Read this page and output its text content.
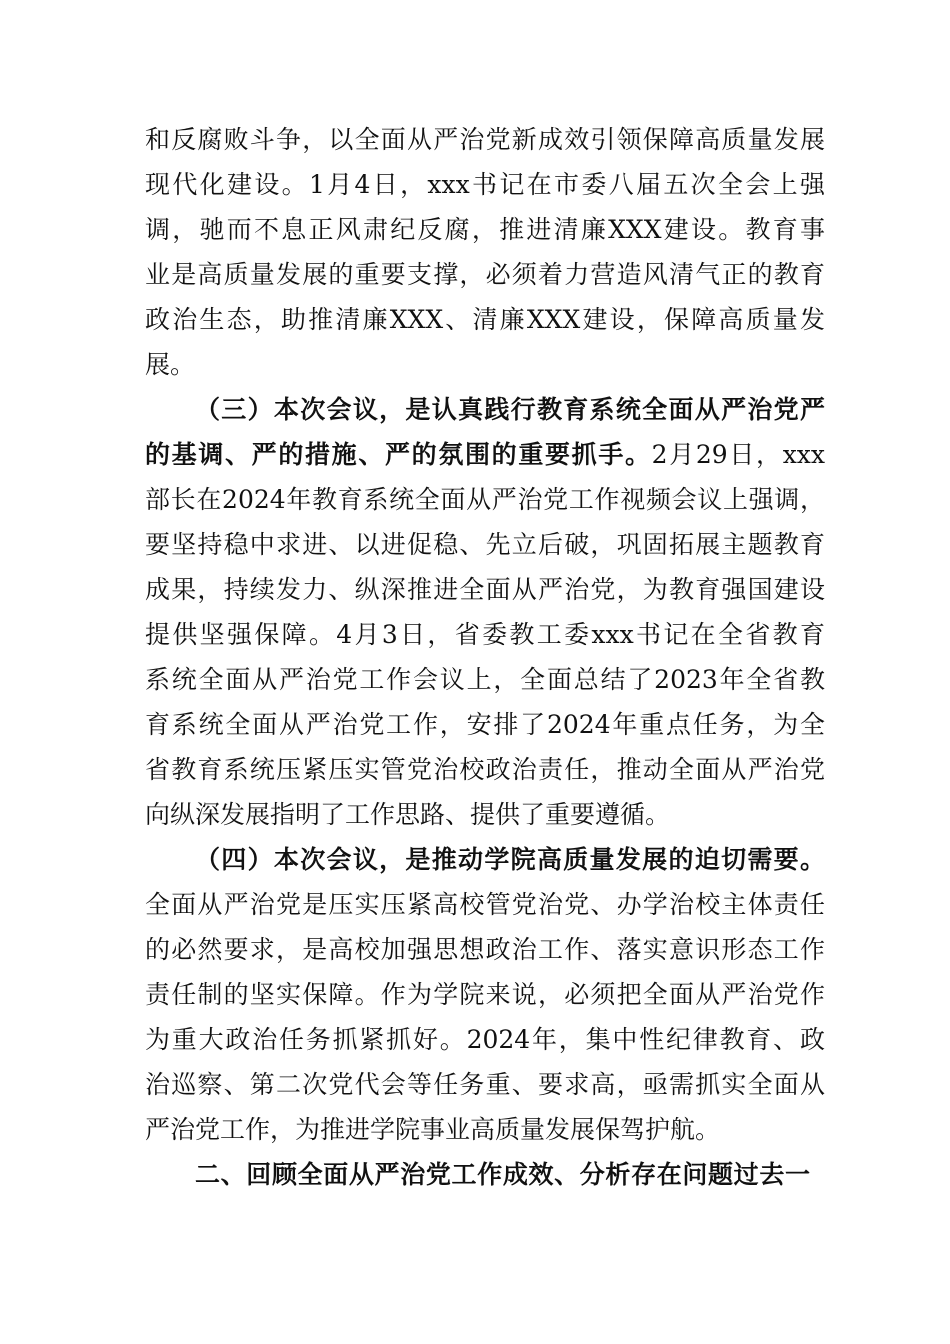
和反腐败斗争，以全面从严治党新成效引领保障高质量发展
现代化建设。1月4日，xxx书记在市委八届五次全会上强
调，驰而不息正风肃纪反腐，推进清廉XXX建设。教育事
业是高质量发展的重要支撑，必须着力营造风清气正的教育
政治生态，助推清廉XXX、清廉XXX建设，保障高质量发
展。
（三）本次会议，是认真践行教育系统全面从严治党严
的基调、严的措施、严的氛围的重要抓手。2月29日，xxx
部长在2024年教育系统全面从严治党工作视频会议上强调，
要坚持稳中求进、以进促稳、先立后破，巩固拓展主题教育
成果，持续发力、纵深推进全面从严治党，为教育强国建设
提供坚强保障。4月3日，省委教工委xxx书记在全省教育
系统全面从严治党工作会议上，全面总结了2023年全省教
育系统全面从严治党工作，安排了2024年重点任务，为全
省教育系统压紧压实管党治校政治责任，推动全面从严治党
向纵深发展指明了工作思路、提供了重要遵循。
（四）本次会议，是推动学院高质量发展的迫切需要。
全面从严治党是压实压紧高校管党治党、办学治校主体责任
的必然要求，是高校加强思想政治工作、落实意识形态工作
责任制的坚实保障。作为学院来说，必须把全面从严治党作
为重大政治任务抓紧抓好。2024年，集中性纪律教育、政
治巡察、第二次党代会等任务重、要求高，亟需抓实全面从
严治党工作，为推进学院事业高质量发展保驾护航。
二、回顾全面从严治党工作成效、分析存在问题过去一
